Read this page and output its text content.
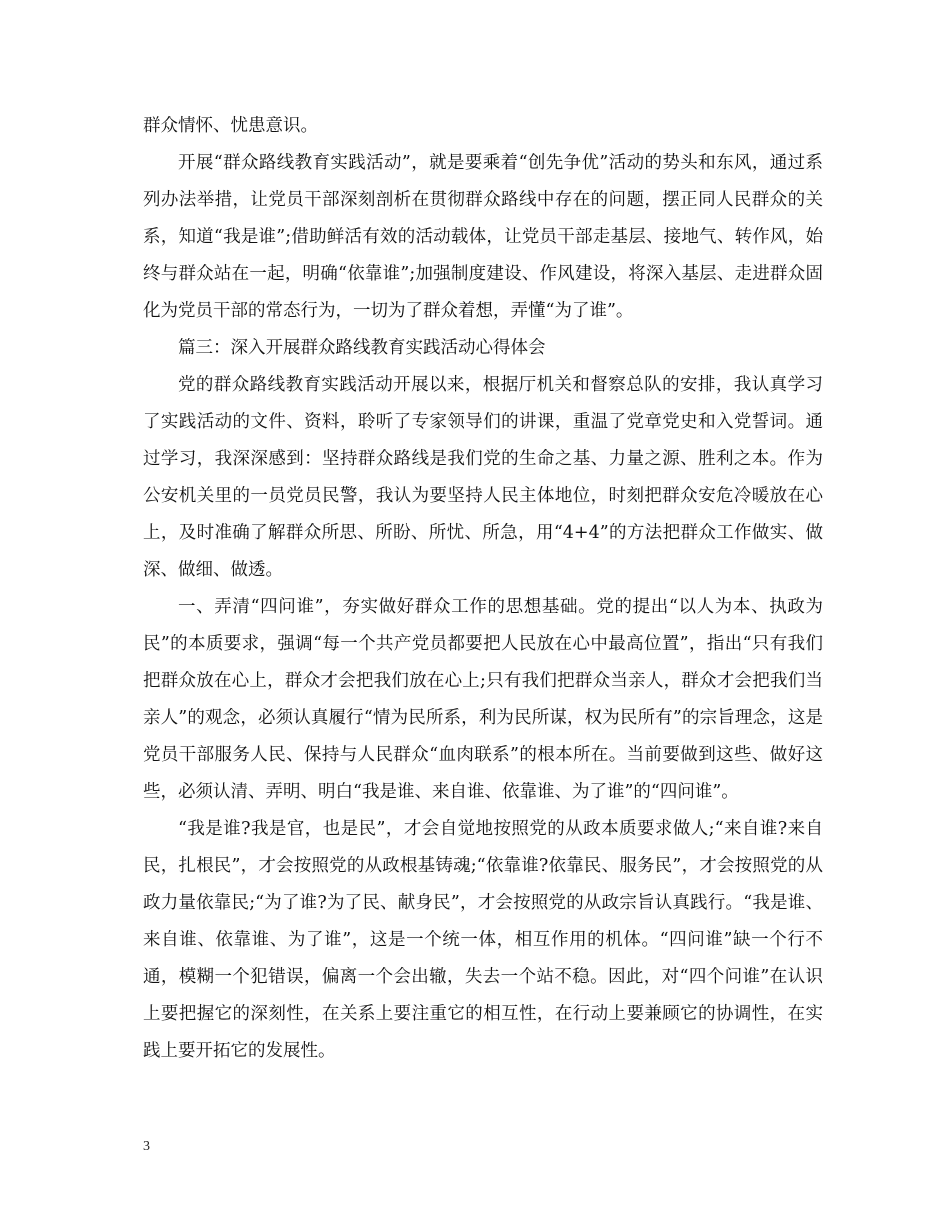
群众情怀、忧患意识。

开展“群众路线教育实践活动”，就是要乘着“创先争优”活动的势头和东风，通过系列办法举措，让党员干部深刻剖析在贯彻群众路线中存在的问题，摆正同人民群众的关系，知道“我是谁”;借助鲜活有效的活动载体，让党员干部走基层、接地气、转作风，始终与群众站在一起，明确“依靠谁”;加强制度建设、作风建设，将深入基层、走进群众固化为党员干部的常态行为，一切为了群众着想，弄懂“为了谁”。

篇三：深入开展群众路线教育实践活动心得体会

党的群众路线教育实践活动开展以来，根据厅机关和督察总队的安排，我认真学习了实践活动的文件、资料，聆听了专家领导们的讲课，重温了党章党史和入党誓词。通过学习，我深深感到：坚持群众路线是我们党的生命之基、力量之源、胜利之本。作为公安机关里的一员党员民警，我认为要坚持人民主体地位，时刻把群众安危冷暖放在心上，及时准确了解群众所思、所盼、所忧、所急，用“4+4”的方法把群众工作做实、做深、做细、做透。

一、弄清“四问谁”，夯实做好群众工作的思想基础。党的提出“以人为本、执政为民”的本质要求，强调“每一个共产党员都要把人民放在心中最高位置”，指出“只有我们把群众放在心上，群众才会把我们放在心上;只有我们把群众当亲人，群众才会把我们当亲人”的观念，必须认真履行“情为民所系，利为民所谋，权为民所有”的宗旨理念，这是党员干部服务人民、保持与人民群众“血肉联系”的根本所在。当前要做到这些、做好这些，必须认清、弄明、明白“我是谁、来自谁、依靠谁、为了谁”的“四问谁”。

“我是谁?我是官，也是民”，才会自觉地按照党的从政本质要求做人;“来自谁?来自民，扎根民”，才会按照党的从政根基铸魂;“依靠谁?依靠民、服务民”，才会按照党的从政力量依靠民;“为了谁?为了民、献身民”，才会按照党的从政宗旨认真践行。“我是谁、来自谁、依靠谁、为了谁”，这是一个统一体，相互作用的机体。“四问谁”缺一个行不通，模糊一个犯错误，偏离一个会出辙，失去一个站不稳。因此，对“四个问谁”在认识上要把握它的深刻性，在关系上要注重它的相互性，在行动上要兼顾它的协调性，在实践上要开拓它的发展性。

3
